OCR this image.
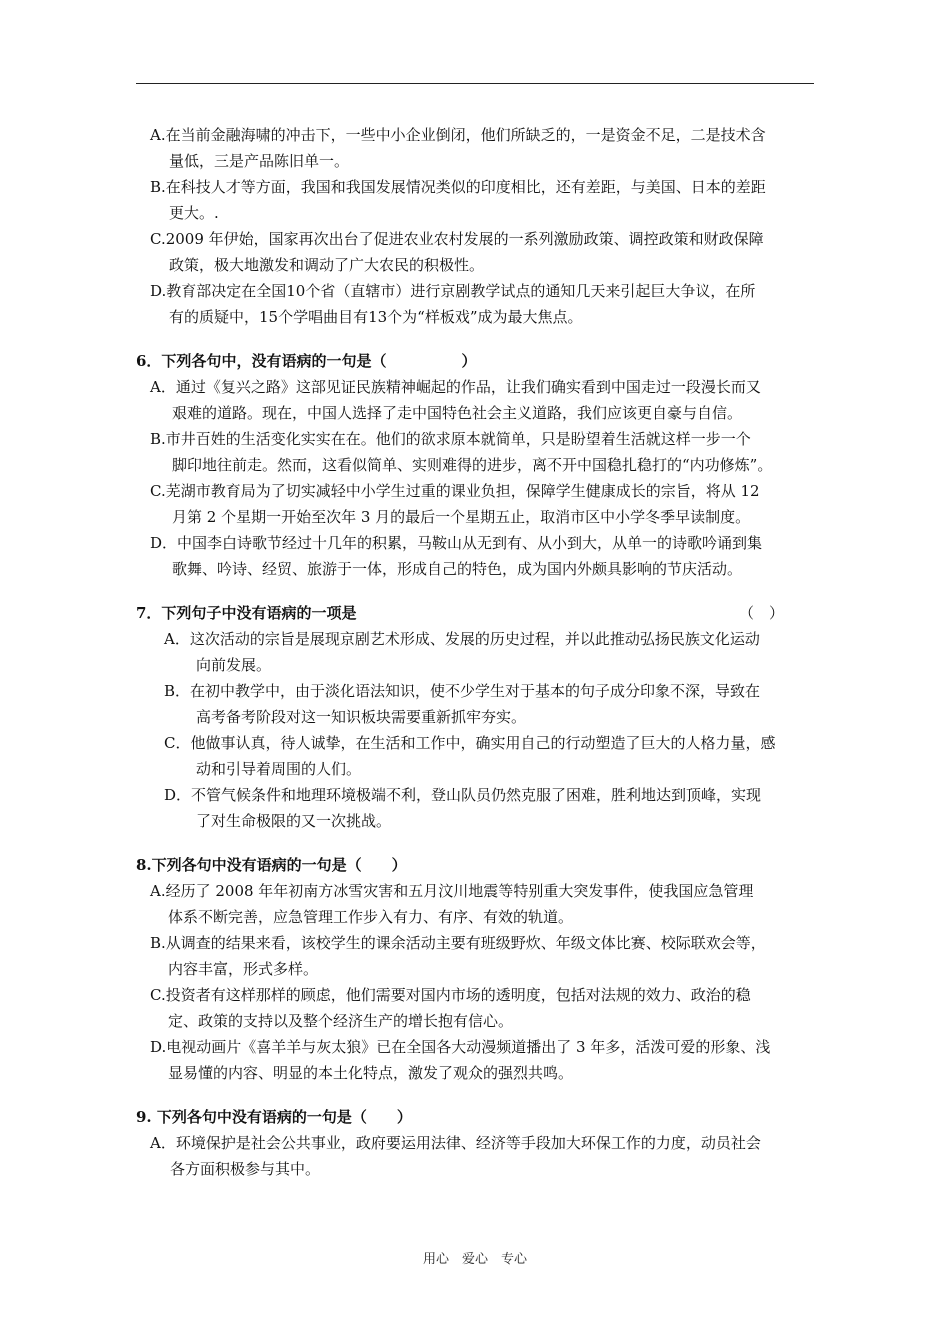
A.在当前金融海啸的冲击下，一些中小企业倒闭，他们所缺乏的，一是资金不足，二是技术含
量低，三是产品陈旧单一。
B.在科技人才等方面，我国和我国发展情况类似的印度相比，还有差距，与美国、日本的差距
更大。.
C.2009 年伊始，国家再次出台了促进农业农村发展的一系列激励政策、调控政策和财政保障
政策，极大地激发和调动了广大农民的积极性。
D.教育部决定在全国10个省（直辖市）进行京剧教学试点的通知几天来引起巨大争议，在所
有的质疑中，15个学唱曲目有13个为“样板戏”成为最大焦点。
6．下列各句中，没有语病的一句是（　　　　　）
A．通过《复兴之路》这部见证民族精神崛起的作品，让我们确实看到中国走过一段漫长而又
艰难的道路。现在，中国人选择了走中国特色社会主义道路，我们应该更自豪与自信。
B.市井百姓的生活变化实实在在。他们的欲求原本就简单，只是盼望着生活就这样一步一个
脚印地往前走。然而，这看似简单、实则难得的进步，离不开中国稳扎稳打的“内功修炼”。
C.芜湖市教育局为了切实减轻中小学生过重的课业负担，保障学生健康成长的宗旨，将从 12
月第 2 个星期一开始至次年 3 月的最后一个星期五止，取消市区中小学冬季早读制度。
D．中国李白诗歌节经过十几年的积累，马鞍山从无到有、从小到大，从单一的诗歌吟诵到集
歌舞、吟诗、经贸、旅游于一体，形成自己的特色，成为国内外颇具影响的节庆活动。
7．下列句子中没有语病的一项是	（　）
A．这次活动的宗旨是展现京剧艺术形成、发展的历史过程，并以此推动弘扬民族文化运动
向前发展。
B．在初中教学中，由于淡化语法知识，使不少学生对于基本的句子成分印象不深，导致在
高考备考阶段对这一知识板块需要重新抓牢夯实。
C．他做事认真，待人诚挚，在生活和工作中，确实用自己的行动塑造了巨大的人格力量，感
动和引导着周围的人们。
D．不管气候条件和地理环境极端不利，登山队员仍然克服了困难，胜利地达到顶峰，实现
了对生命极限的又一次挑战。
8.下列各句中没有语病的一句是（　　）
A.经历了 2008 年年初南方冰雪灾害和五月汶川地震等特别重大突发事件，使我国应急管理
体系不断完善，应急管理工作步入有力、有序、有效的轨道。
B.从调查的结果来看，该校学生的课余活动主要有班级野炊、年级文体比赛、校际联欢会等，
内容丰富，形式多样。
C.投资者有这样那样的顾虑，他们需要对国内市场的透明度，包括对法规的效力、政治的稳
定、政策的支持以及整个经济生产的增长抱有信心。
D.电视动画片《喜羊羊与灰太狼》已在全国各大动漫频道播出了 3 年多，活泼可爱的形象、浅
显易懂的内容、明显的本土化特点，激发了观众的强烈共鸣。
9. 下列各句中没有语病的一句是（　　）
A．环境保护是社会公共事业，政府要运用法律、经济等手段加大环保工作的力度，动员社会
各方面积极参与其中。
用心　爱心　专心
